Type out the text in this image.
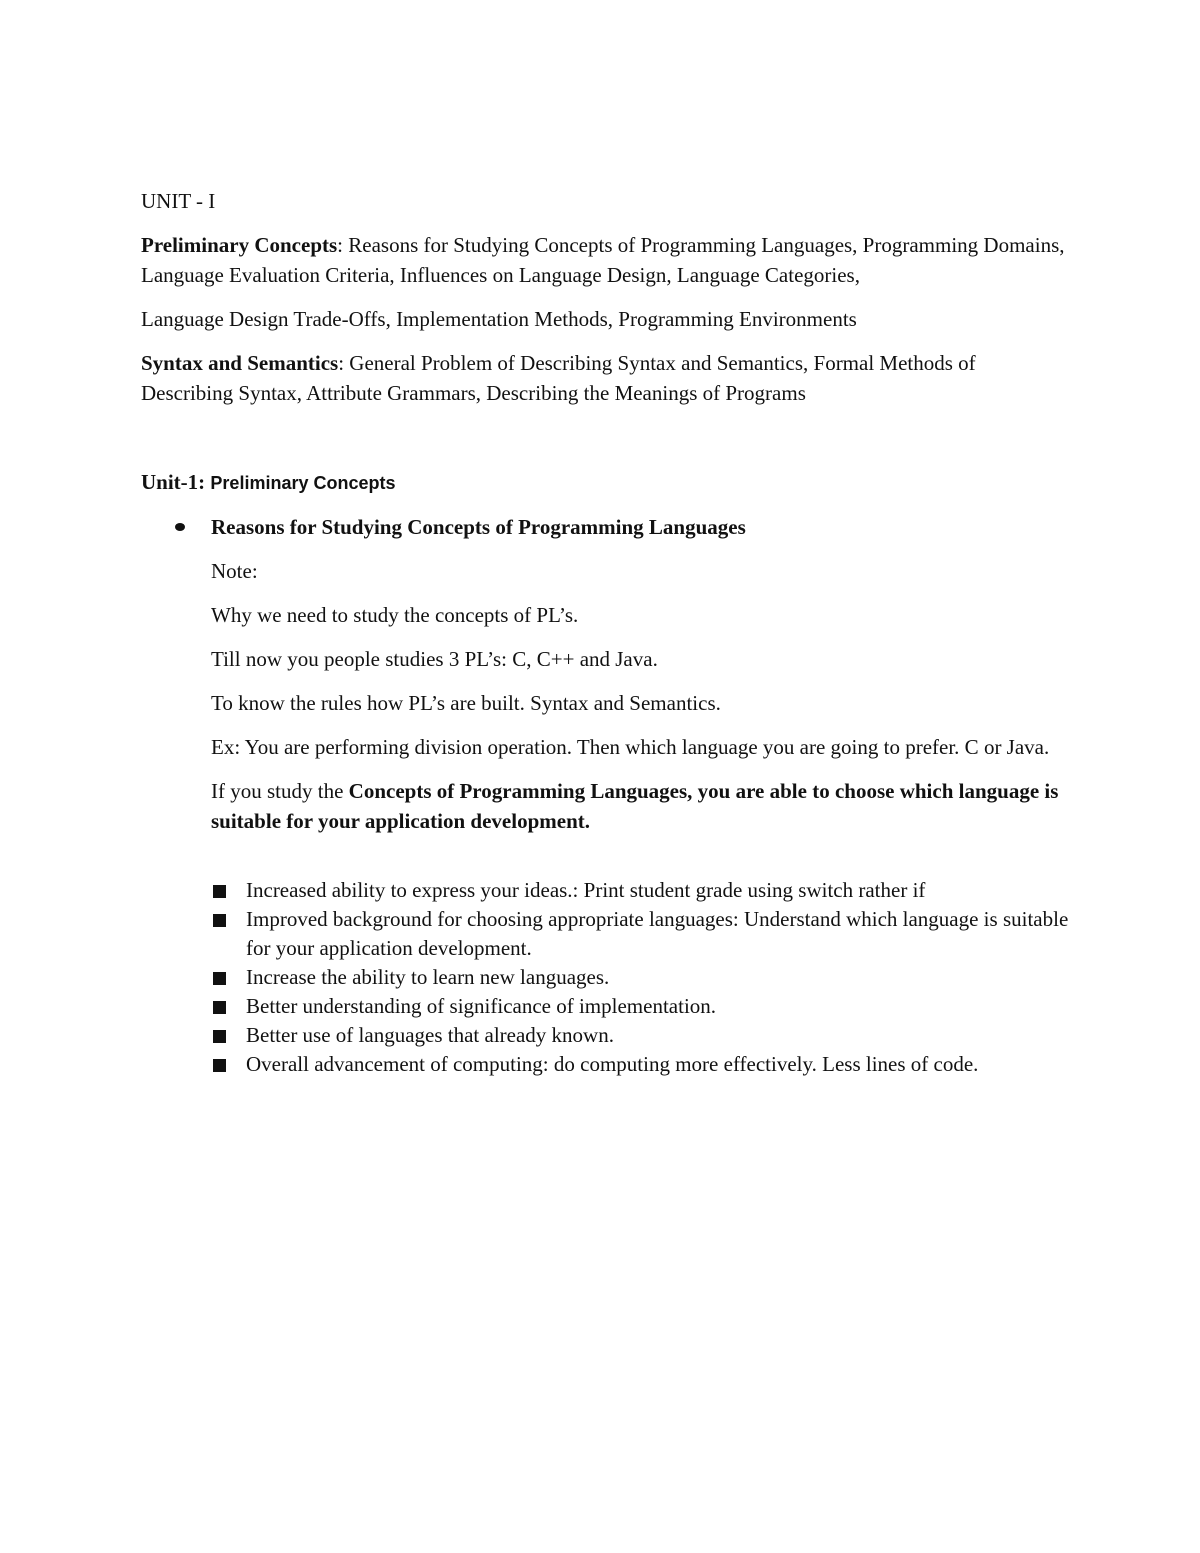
UNIT - I

Preliminary Concepts: Reasons for Studying Concepts of Programming Languages, Programming Domains, Language Evaluation Criteria, Influences on Language Design, Language Categories,

Language Design Trade-Offs, Implementation Methods, Programming Environments

Syntax and Semantics: General Problem of Describing Syntax and Semantics, Formal Methods of Describing Syntax, Attribute Grammars, Describing the Meanings of Programs

Unit-1: Preliminary Concepts

Reasons for Studying Concepts of Programming Languages

Note:

Why we need to study the concepts of PL’s.

Till now you people studies 3 PL’s: C, C++ and Java.

To know the rules how PL’s are built. Syntax and Semantics.

Ex: You are performing division operation. Then which language you are going to prefer. C or Java.

If you study the Concepts of Programming Languages, you are able to choose which language is suitable for your application development.

Increased ability to express your ideas.: Print student grade using switch rather if
Improved background for choosing appropriate languages: Understand which language is suitable for your application development.
Increase the ability to learn new languages.
Better understanding of significance of implementation.
Better use of languages that already known.
Overall advancement of computing: do computing more effectively. Less lines of code.
